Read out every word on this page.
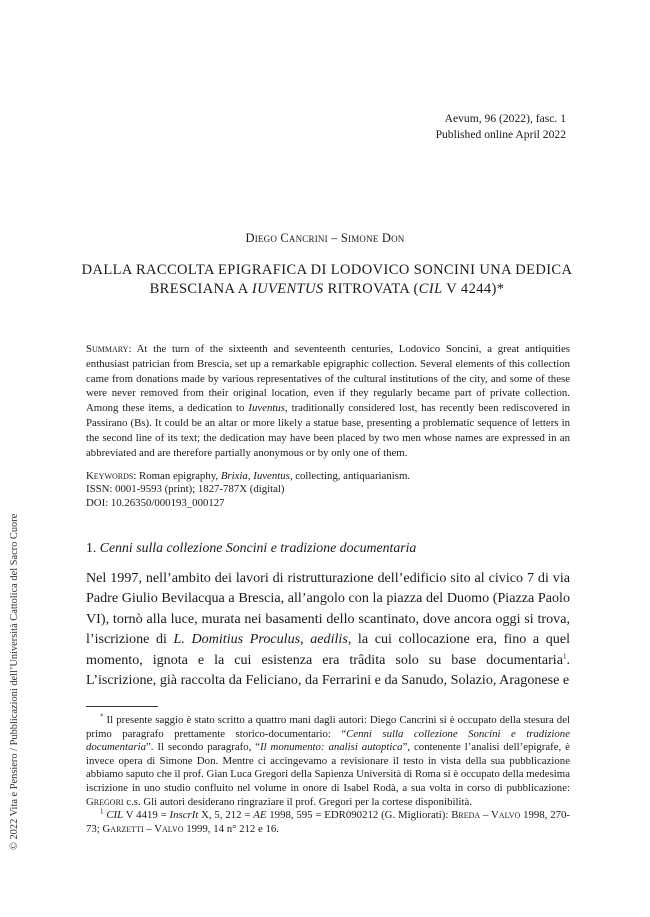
Aevum, 96 (2022), fasc. 1
Published online April 2022
Diego Cancrini – Simone Don
DALLA RACCOLTA EPIGRAFICA DI LODOVICO SONCINI UNA DEDICA BRESCIANA A IUVENTUS RITROVATA (CIL V 4244)*
Summary: At the turn of the sixteenth and seventeenth centuries, Lodovico Soncini, a great antiquities enthusiast patrician from Brescia, set up a remarkable epigraphic collection. Several elements of this collection came from donations made by various representatives of the cultural institutions of the city, and some of these were never removed from their original location, even if they regularly became part of private collection. Among these items, a dedication to Iuventus, traditionally considered lost, has recently been rediscovered in Passirano (Bs). It could be an altar or more likely a statue base, presenting a problematic sequence of letters in the second line of its text; the dedication may have been placed by two men whose names are expressed in an abbreviated and are therefore partially anonymous or by only one of them.
Keywords: Roman epigraphy, Brixia, Iuventus, collecting, antiquarianism.
ISSN: 0001-9593 (print); 1827-787X (digital)
DOI: 10.26350/000193_000127
1. Cenni sulla collezione Soncini e tradizione documentaria
Nel 1997, nell’ambito dei lavori di ristrutturazione dell’edificio sito al civico 7 di via Padre Giulio Bevilacqua a Brescia, all’angolo con la piazza del Duomo (Piazza Paolo VI), tornò alla luce, murata nei basamenti dello scantinato, dove ancora oggi si trova, l’iscrizione di L. Domitius Proculus, aedilis, la cui collocazione era, fino a quel momento, ignota e la cui esistenza era trâdita solo su base documentaria$^1$. L’iscrizione, già raccolta da Feliciano, da Ferrarini e da Sanudo, Solazio, Aragonese e

* Il presente saggio è stato scritto a quattro mani dagli autori: Diego Cancrini si è occupato della stesura del primo paragrafo prettamente storico-documentario: “Cenni sulla collezione Soncini e tradizione documentaria”. Il secondo paragrafo, “Il monumento: analisi autoptica”, contenente l’analisi dell’epigrafe, è invece opera di Simone Don. Mentre ci accingevamo a revisionare il testo in vista della sua pubblicazione abbiamo saputo che il prof. Gian Luca Gregori della Sapienza Università di Roma si è occupato della medesima iscrizione in uno studio confluito nel volume in onore di Isabel Rodà, a sua volta in corso di pubblicazione: Gregori c.s. Gli autori desiderano ringraziare il prof. Gregori per la cortese disponibilità.

$^1$ CIL V 4419 = InscrIt X, 5, 212 = AE 1998, 595 = EDR090212 (G. Migliorati): Breda – Valvo 1998, 270-73; Garzetti – Valvo 1999, 14 n° 212 e 16.

© 2022 Vita e Pensiero / Pubblicazioni dell’Università Cattolica del Sacro Cuore
